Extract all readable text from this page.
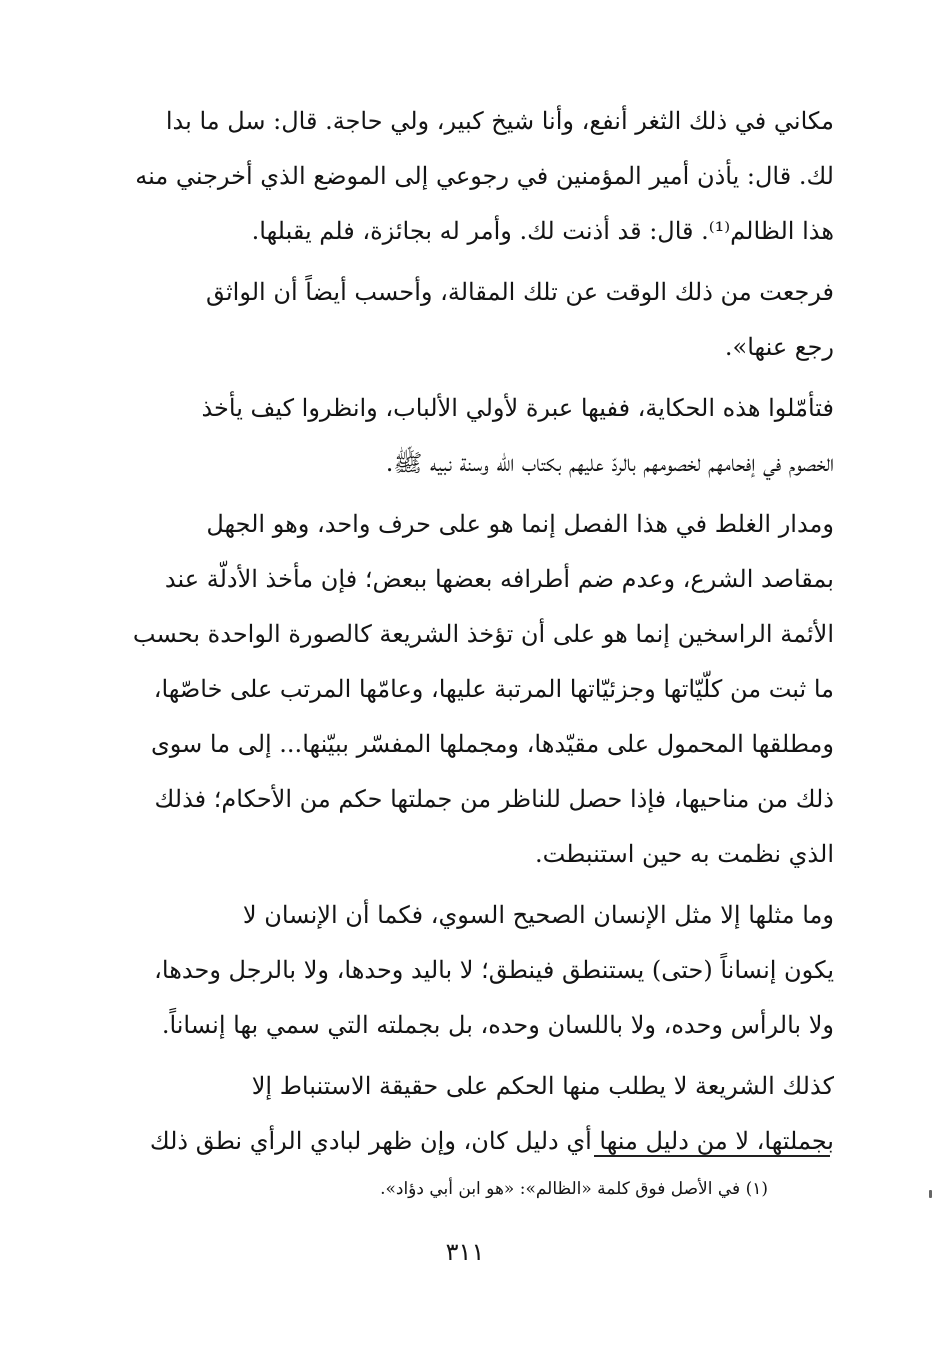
مكاني في ذلك الثغر أنفع، وأنا شيخ كبير، ولي حاجة. قال: سل ما بدا
لك. قال: يأذن أمير المؤمنين في رجوعي إلى الموضع الذي أخرجني منه
هذا الظالم⁽¹⁾. قال: قد أذنت لك. وأمر له بجائزة، فلم يقبلها.
فرجعت من ذلك الوقت عن تلك المقالة، وأحسب أيضاً أن الواثق
رجع عنها».
فتأمّلوا هذه الحكاية، ففيها عبرة لأولي الألباب، وانظروا كيف يأخذ
الخصوم في إفحامهم لخصومهم بالردّ عليهم بكتاب الله وسنة نبيه ﷺ.
ومدار الغلط في هذا الفصل إنما هو على حرف واحد، وهو الجهل
بمقاصد الشرع، وعدم ضم أطرافه بعضها ببعض؛ فإن مأخذ الأدلّة عند
الأئمة الراسخين إنما هو على أن تؤخذ الشريعة كالصورة الواحدة بحسب
ما ثبت من كلّيّاتها وجزئيّاتها المرتبة عليها، وعامّها المرتب على خاصّها،
ومطلقها المحمول على مقيّدها، ومجملها المفسّر ببيّنها... إلى ما سوى
ذلك من مناحيها، فإذا حصل للناظر من جملتها حكم من الأحكام؛ فذلك
الذي نظمت به حين استنبطت.
وما مثلها إلا مثل الإنسان الصحيح السوي، فكما أن الإنسان لا
يكون إنساناً (حتى) يستنطق فينطق؛ لا باليد وحدها، ولا بالرجل وحدها،
ولا بالرأس وحده، ولا باللسان وحده، بل بجملته التي سمي بها إنساناً.
كذلك الشريعة لا يطلب منها الحكم على حقيقة الاستنباط إلا
بجملتها، لا من دليل منها أي دليل كان، وإن ظهر لبادي الرأي نطق ذلك
(١) في الأصل فوق كلمة «الظالم»: «هو ابن أبي دؤاد».
٣١١
